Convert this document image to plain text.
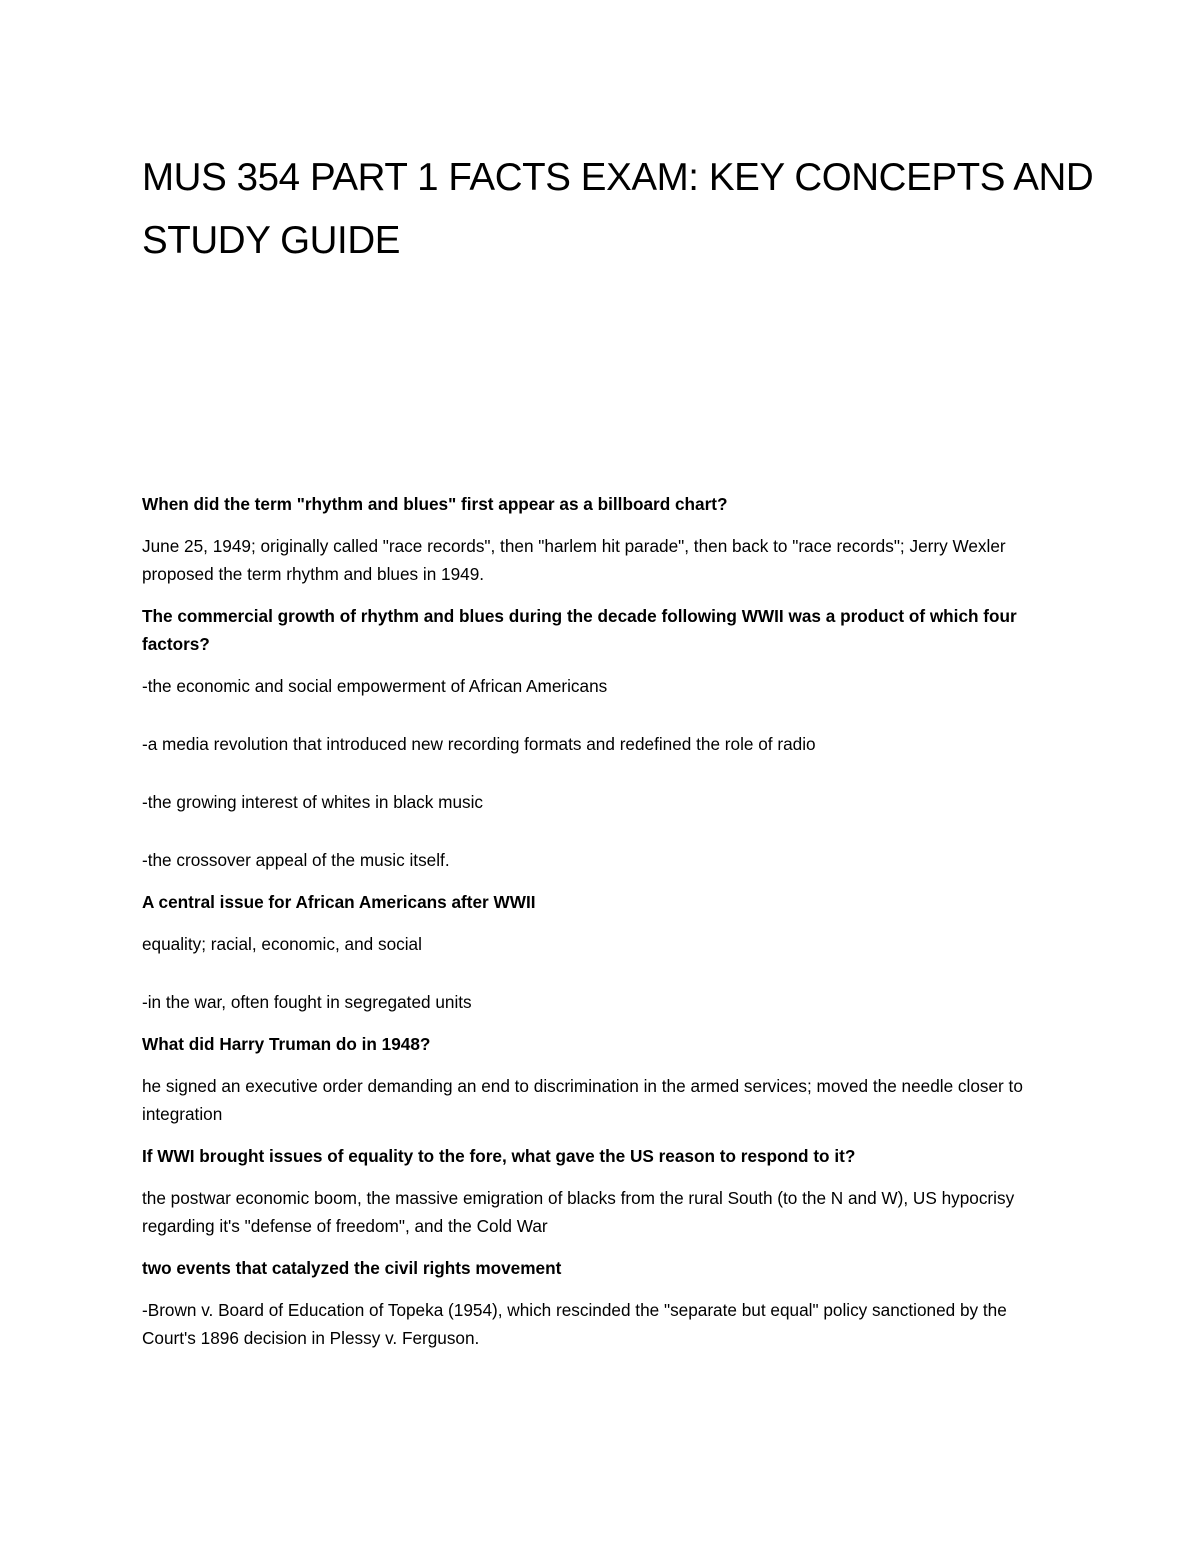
MUS 354 PART 1 FACTS EXAM: KEY CONCEPTS AND STUDY GUIDE

When did the term "rhythm and blues" first appear as a billboard chart?

June 25, 1949; originally called "race records", then "harlem hit parade", then back to "race records"; Jerry Wexler proposed the term rhythm and blues in 1949.

The commercial growth of rhythm and blues during the decade following WWII was a product of which four factors?

-the economic and social empowerment of African Americans

-a media revolution that introduced new recording formats and redefined the role of radio

-the growing interest of whites in black music

-the crossover appeal of the music itself.

A central issue for African Americans after WWII

equality; racial, economic, and social

-in the war, often fought in segregated units

What did Harry Truman do in 1948?

he signed an executive order demanding an end to discrimination in the armed services; moved the needle closer to integration

If WWI brought issues of equality to the fore, what gave the US reason to respond to it?

the postwar economic boom, the massive emigration of blacks from the rural South (to the N and W), US hypocrisy regarding it's "defense of freedom", and the Cold War

two events that catalyzed the civil rights movement

-Brown v. Board of Education of Topeka (1954), which rescinded the "separate but equal" policy sanctioned by the Court's 1896 decision in Plessy v. Ferguson.
